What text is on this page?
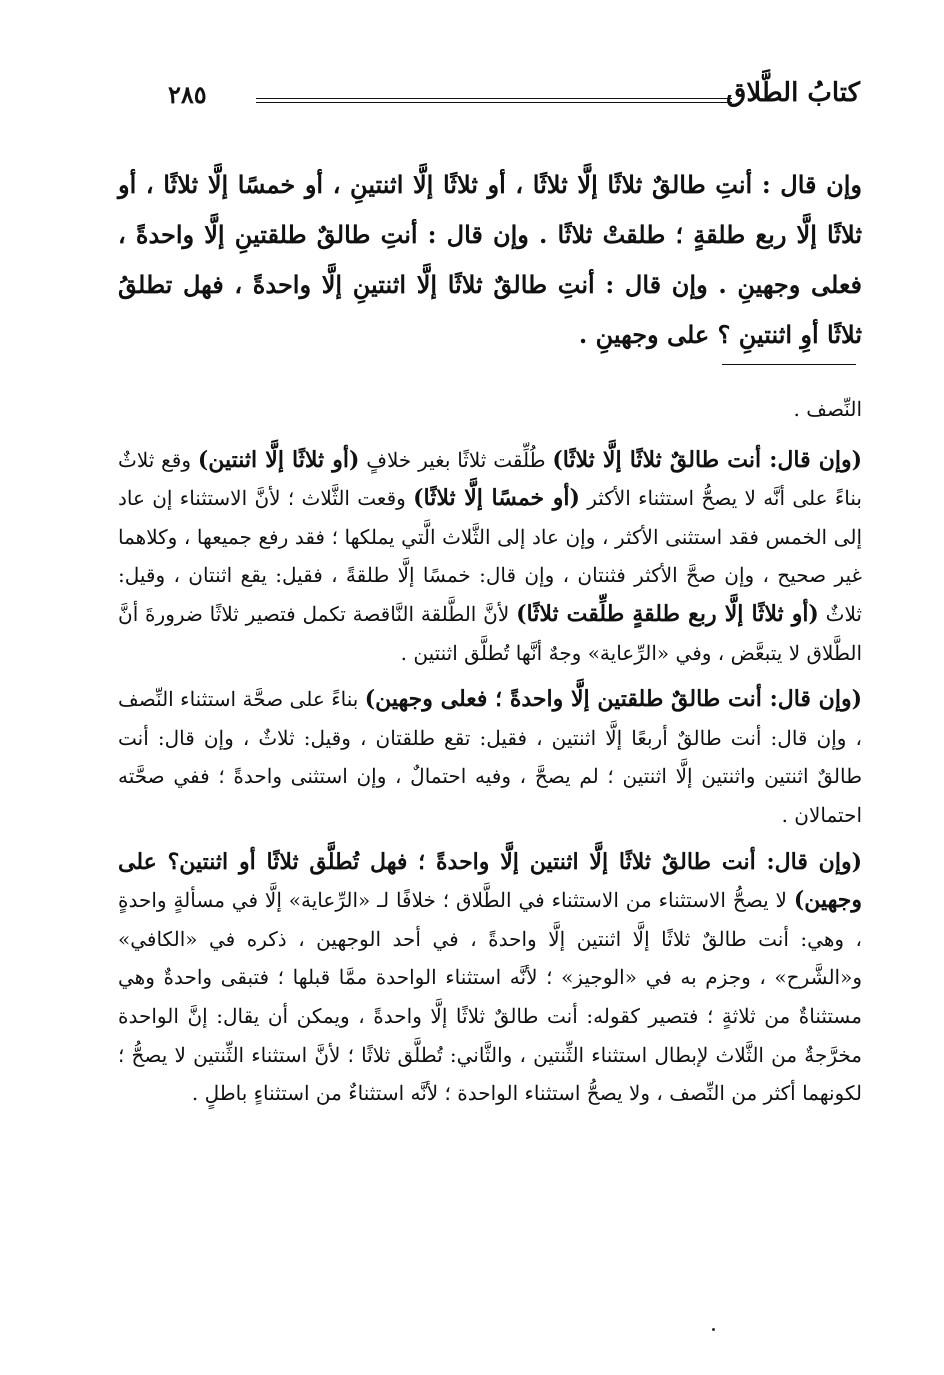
كتابُ الطَّلاق
٢٨٥
وإن قال : أنتِ طالقٌ ثلاثًا إلَّا ثلاثًا ، أو ثلاثًا إلَّا اثنتينِ ، أو خمسًا إلَّا ثلاثًا ، أو ثلاثًا إلَّا ربع طلقةٍ ؛ طلقتْ ثلاثًا . وإن قال : أنتِ طالقٌ طلقتينِ إلَّا واحدةً ، فعلى وجهينِ . وإن قال : أنتِ طالقٌ ثلاثًا إلَّا اثنتينِ إلَّا واحدةً ، فهل تطلقُ ثلاثًا أوِ اثنتينِ ؟ على وجهينِ .

النِّصف .

(وإن قال: أنت طالقٌ ثلاثًا إلَّا ثلاثًا) طُلِّقت ثلاثًا بغير خلافٍ (أو ثلاثًا إلَّا اثنتين) وقع ثلاثٌ بناءً على أنَّه لا يصحُّ استثناء الأكثر (أو خمسًا إلَّا ثلاثًا) وقعت الثَّلاث ؛ لأنَّ الاستثناء إن عاد إلى الخمس فقد استثنى الأكثر ، وإن عاد إلى الثَّلاث الَّتي يملكها ؛ فقد رفع جميعها ، وكلاهما غير صحيح ، وإن صحَّ الأكثر فثنتان ، وإن قال: خمسًا إلَّا طلقةً ، فقيل: يقع اثنتان ، وقيل: ثلاثٌ (أو ثلاثًا إلَّا ربع طلقةٍ طلِّقت ثلاثًا) لأنَّ الطَّلقة النَّاقصة تكمل فتصير ثلاثًا ضرورةَ أنَّ الطَّلاق لا يتبعَّض ، وفي «الرِّعاية» وجهٌ أنَّها تُطلَّق اثنتين .

(وإن قال: أنت طالقٌ طلقتين إلَّا واحدةً ؛ فعلى وجهين) بناءً على صحَّة استثناء النِّصف ، وإن قال: أنت طالقٌ أربعًا إلَّا اثنتين ، فقيل: تقع طلقتان ، وقيل: ثلاثٌ ، وإن قال: أنت طالقٌ اثنتين واثنتين إلَّا اثنتين ؛ لم يصحَّ ، وفيه احتمالٌ ، وإن استثنى واحدةً ؛ ففي صحَّته احتمالان .

(وإن قال: أنت طالقٌ ثلاثًا إلَّا اثنتين إلَّا واحدةً ؛ فهل تُطلَّق ثلاثًا أو اثنتين؟ على وجهين) لا يصحُّ الاستثناء من الاستثناء في الطَّلاق ؛ خلافًا لـ «الرِّعاية» إلَّا في مسألةٍ واحدةٍ ، وهي: أنت طالقٌ ثلاثًا إلَّا اثنتين إلَّا واحدةً ، في أحد الوجهين ، ذكره في «الكافي» و«الشَّرح» ، وجزم به في «الوجيز» ؛ لأنَّه استثناء الواحدة ممَّا قبلها ؛ فتبقى واحدةٌ وهي مستثناةٌ من ثلاثةٍ ؛ فتصير كقوله: أنت طالقٌ ثلاثًا إلَّا واحدةً ، ويمكن أن يقال: إنَّ الواحدة مخرَّجةٌ من الثَّلاث لإبطال استثناء الثِّنتين ، والثَّاني: تُطلَّق ثلاثًا ؛ لأنَّ استثناء الثِّنتين لا يصحُّ ؛ لكونهما أكثر من النِّصف ، ولا يصحُّ استثناء الواحدة ؛ لأنَّه استثناءٌ من استثناءٍ باطلٍ .
